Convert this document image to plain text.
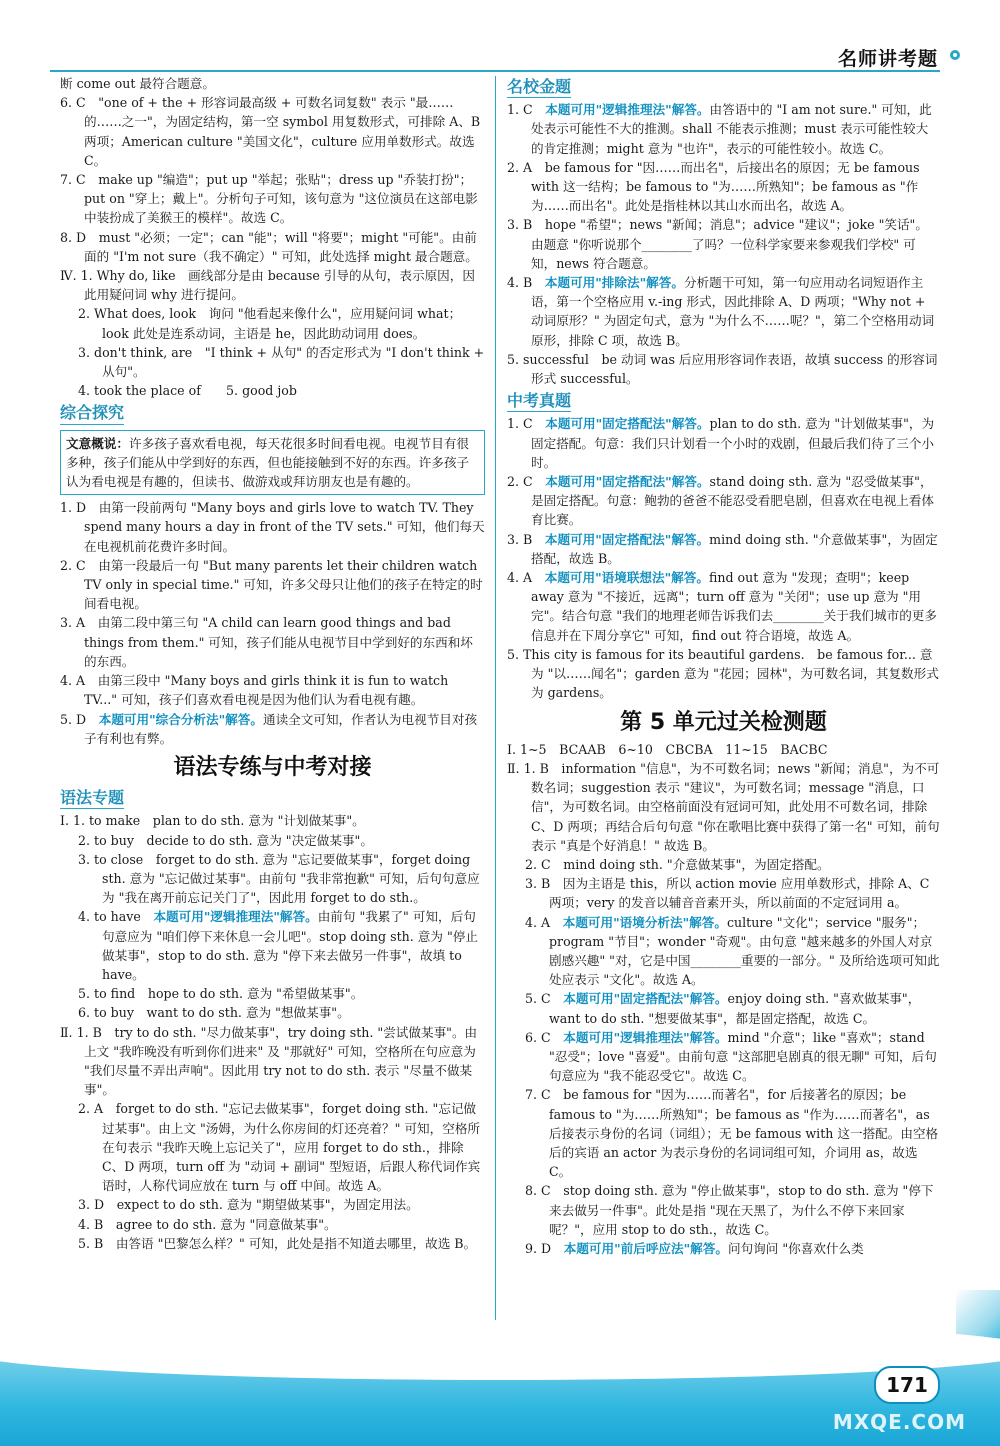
名师讲考题

断 come out 最符合题意。

6. C　"one of + the + 形容词最高级 + 可数名词复数" 表示 "最……的……之一"，为固定结构，第一空 symbol 用复数形式，可排除 A、B 两项；American culture "美国文化"，culture 应用单数形式。故选 C。

7. C　make up "编造"；put up "举起；张贴"；dress up "乔装打扮"；put on "穿上；戴上"。分析句子可知，该句意为 "这位演员在这部电影中装扮成了美猴王的模样"。故选 C。

8. D　must "必须；一定"；can "能"；will "将要"；might "可能"。由前面的 "I'm not sure（我不确定）" 可知，此处选择 might 最合题意。

Ⅳ. 1. Why do, like　画线部分是由 because 引导的从句，表示原因，因此用疑问词 why 进行提问。

2. What does, look　询问 "他看起来像什么"，应用疑问词 what；look 此处是连系动词，主语是 he，因此助动词用 does。

3. don't think, are　"I think + 从句" 的否定形式为 "I don't think + 从句"。

4. took the place of　　5. good job

综合探究
文意概说：许多孩子喜欢看电视，每天花很多时间看电视。电视节目有很多种，孩子们能从中学到好的东西，但也能接触到不好的东西。许多孩子认为看电视是有趣的，但读书、做游戏或拜访朋友也是有趣的。

1. D　由第一段前两句 "Many boys and girls love to watch TV. They spend many hours a day in front of the TV sets." 可知，他们每天在电视机前花费许多时间。

2. C　由第一段最后一句 "But many parents let their children watch TV only in special time." 可知，许多父母只让他们的孩子在特定的时间看电视。

3. A　由第二段中第三句 "A child can learn good things and bad things from them." 可知，孩子们能从电视节目中学到好的东西和坏的东西。

4. A　由第三段中 "Many boys and girls think it is fun to watch TV..." 可知，孩子们喜欢看电视是因为他们认为看电视有趣。

5. D　本题可用"综合分析法"解答。通读全文可知，作者认为电视节目对孩子有利也有弊。

语法专练与中考对接
语法专题

Ⅰ. 1. to make　plan to do sth. 意为 "计划做某事"。

2. to buy　decide to do sth. 意为 "决定做某事"。

3. to close　forget to do sth. 意为 "忘记要做某事"，forget doing sth. 意为 "忘记做过某事"。由前句 "我非常抱歉" 可知，后句句意应为 "我在离开前忘记关门了"，因此用 forget to do sth.。

4. to have　本题可用"逻辑推理法"解答。由前句 "我累了" 可知，后句句意应为 "咱们停下来休息一会儿吧"。stop doing sth. 意为 "停止做某事"，stop to do sth. 意为 "停下来去做另一件事"，故填 to have。

5. to find　hope to do sth. 意为 "希望做某事"。

6. to buy　want to do sth. 意为 "想做某事"。

Ⅱ. 1. B　try to do sth. "尽力做某事"，try doing sth. "尝试做某事"。由上文 "我昨晚没有听到你们进来" 及 "那就好" 可知，空格所在句应意为 "我们尽量不弄出声响"。因此用 try not to do sth. 表示 "尽量不做某事"。

2. A　forget to do sth. "忘记去做某事"，forget doing sth. "忘记做过某事"。由上文 "汤姆，为什么你房间的灯还亮着？" 可知，空格所在句表示 "我昨天晚上忘记关了"，应用 forget to do sth.，排除 C、D 两项，turn off 为 "动词 + 副词" 型短语，后跟人称代词作宾语时，人称代词应放在 turn 与 off 中间。故选 A。

3. D　expect to do sth. 意为 "期望做某事"，为固定用法。

4. B　agree to do sth. 意为 "同意做某事"。

5. B　由答语 "巴黎怎么样？" 可知，此处是指不知道去哪里，故选 B。

名校金题

1. C　本题可用"逻辑推理法"解答。由答语中的 "I am not sure." 可知，此处表示可能性不大的推测。shall 不能表示推测；must 表示可能性较大的肯定推测；might 意为 "也许"，表示的可能性较小。故选 C。

2. A　be famous for "因……而出名"，后接出名的原因；无 be famous with 这一结构；be famous to "为……所熟知"；be famous as "作为……而出名"。此处是指桂林以其山水而出名，故选 A。

3. B　hope "希望"；news "新闻；消息"；advice "建议"；joke "笑话"。由题意 "你听说那个________了吗？一位科学家要来参观我们学校" 可知，news 符合题意。

4. B　本题可用"排除法"解答。分析题干可知，第一句应用动名词短语作主语，第一个空格应用 v.-ing 形式，因此排除 A、D 两项；"Why not + 动词原形？" 为固定句式，意为 "为什么不……呢？"，第二个空格用动词原形，排除 C 项，故选 B。

5. successful　be 动词 was 后应用形容词作表语，故填 success 的形容词形式 successful。

中考真题

1. C　本题可用"固定搭配法"解答。plan to do sth. 意为 "计划做某事"，为固定搭配。句意：我们只计划看一个小时的戏剧，但最后我们待了三个小时。

2. C　本题可用"固定搭配法"解答。stand doing sth. 意为 "忍受做某事"，是固定搭配。句意：鲍勃的爸爸不能忍受看肥皂剧，但喜欢在电视上看体育比赛。

3. B　本题可用"固定搭配法"解答。mind doing sth. "介意做某事"，为固定搭配，故选 B。

4. A　本题可用"语境联想法"解答。find out 意为 "发现；查明"；keep away 意为 "不接近，远离"；turn off 意为 "关闭"；use up 意为 "用完"。结合句意 "我们的地理老师告诉我们去________关于我们城市的更多信息并在下周分享它" 可知，find out 符合语境，故选 A。

5. This city is famous for its beautiful gardens.　be famous for... 意为 "以……闻名"；garden 意为 "花园；园林"，为可数名词，其复数形式为 gardens。

第 5 单元过关检测题

Ⅰ. 1~5　BCAAB　6~10　CBCBA　11~15　BACBC

Ⅱ. 1. B　information "信息"，为不可数名词；news "新闻；消息"，为不可数名词；suggestion 表示 "建议"，为可数名词；message "消息，口信"，为可数名词。由空格前面没有冠词可知，此处用不可数名词，排除 C、D 两项；再结合后句句意 "你在歌唱比赛中获得了第一名" 可知，前句表示 "真是个好消息！" 故选 B。

2. C　mind doing sth. "介意做某事"，为固定搭配。

3. B　因为主语是 this，所以 action movie 应用单数形式，排除 A、C 两项；very 的发音以辅音音素开头，所以前面的不定冠词用 a。

4. A　本题可用"语境分析法"解答。culture "文化"；service "服务"；program "节目"；wonder "奇观"。由句意 "越来越多的外国人对京剧感兴趣" "对，它是中国________重要的一部分。" 及所给选项可知此处应表示 "文化"。故选 A。

5. C　本题可用"固定搭配法"解答。enjoy doing sth. "喜欢做某事"，want to do sth. "想要做某事"，都是固定搭配，故选 C。

6. C　本题可用"逻辑推理法"解答。mind "介意"；like "喜欢"；stand "忍受"；love "喜爱"。由前句意 "这部肥皂剧真的很无聊" 可知，后句句意应为 "我不能忍受它"。故选 C。

7. C　be famous for "因为……而著名"，for 后接著名的原因；be famous to "为……所熟知"；be famous as "作为……而著名"，as 后接表示身份的名词（词组）；无 be famous with 这一搭配。由空格后的宾语 an actor 为表示身份的名词词组可知，介词用 as，故选 C。

8. C　stop doing sth. 意为 "停止做某事"，stop to do sth. 意为 "停下来去做另一件事"。此处是指 "现在天黑了，为什么不停下来回家呢？"，应用 stop to do sth.，故选 C。

9. D　本题可用"前后呼应法"解答。问句询问 "你喜欢什么类

171
MXQE.COM
